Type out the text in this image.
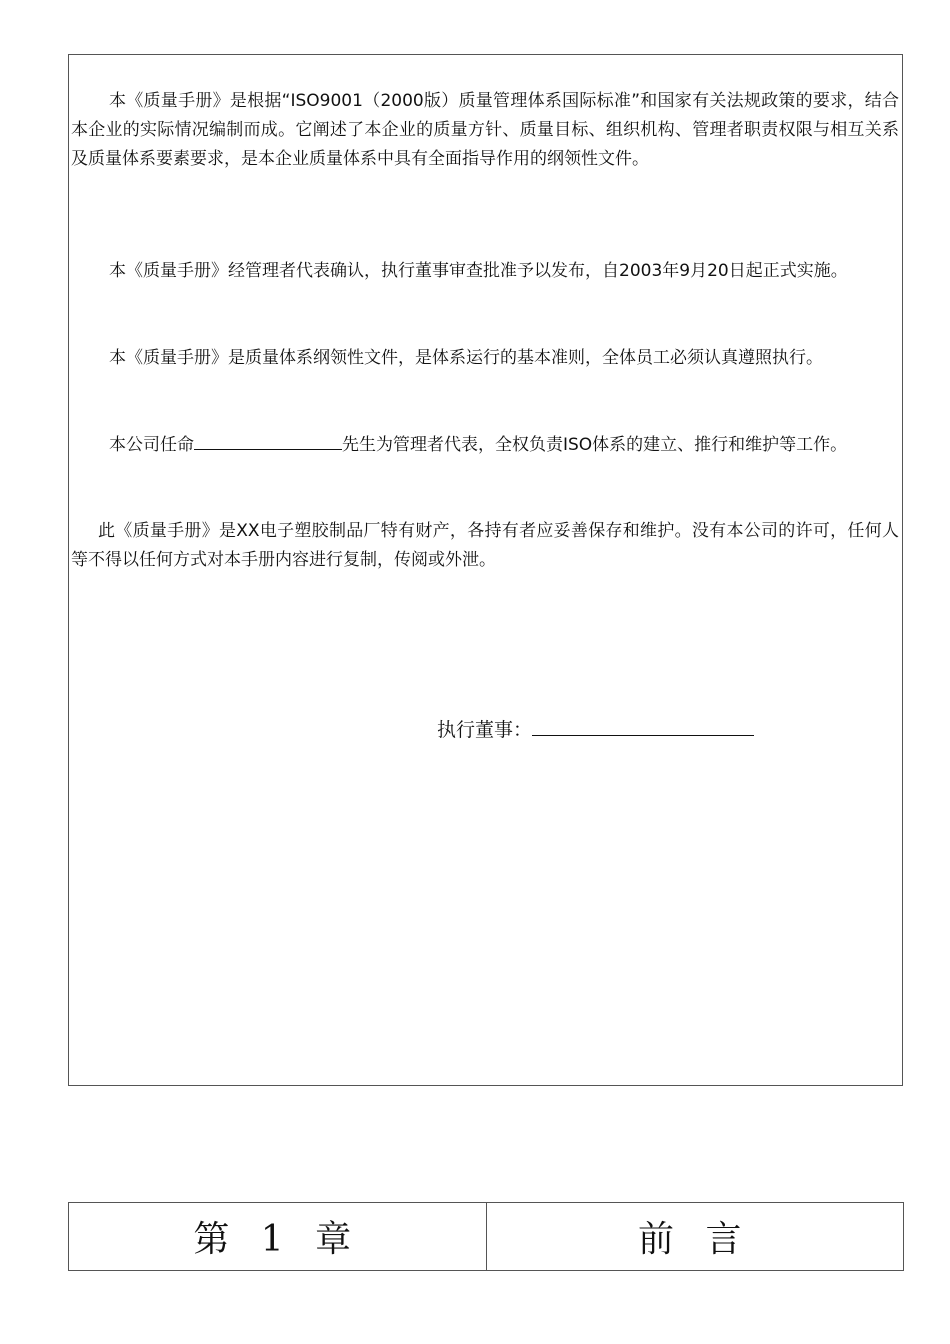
本《质量手册》是根据“ISO9001（2000版）质量管理体系国际标准”和国家有关法规政策的要求，结合本企业的实际情况编制而成。它阐述了本企业的质量方针、质量目标、组织机构、管理者职责权限与相互关系及质量体系要素要求，是本企业质量体系中具有全面指导作用的纲领性文件。

本《质量手册》经管理者代表确认，执行董事审查批准予以发布，自2003年9月20日起正式实施。

本《质量手册》是质量体系纲领性文件，是体系运行的基本准则，全体员工必须认真遵照执行。

本公司任命	先生为管理者代表，全权负责ISO体系的建立、推行和维护等工作。

此《质量手册》是XX电子塑胶制品厂特有财产，各持有者应妥善保存和维护。没有本公司的许可，任何人等不得以任何方式对本手册内容进行复制，传阅或外泄。

执行董事：
第 1 章	前 言
